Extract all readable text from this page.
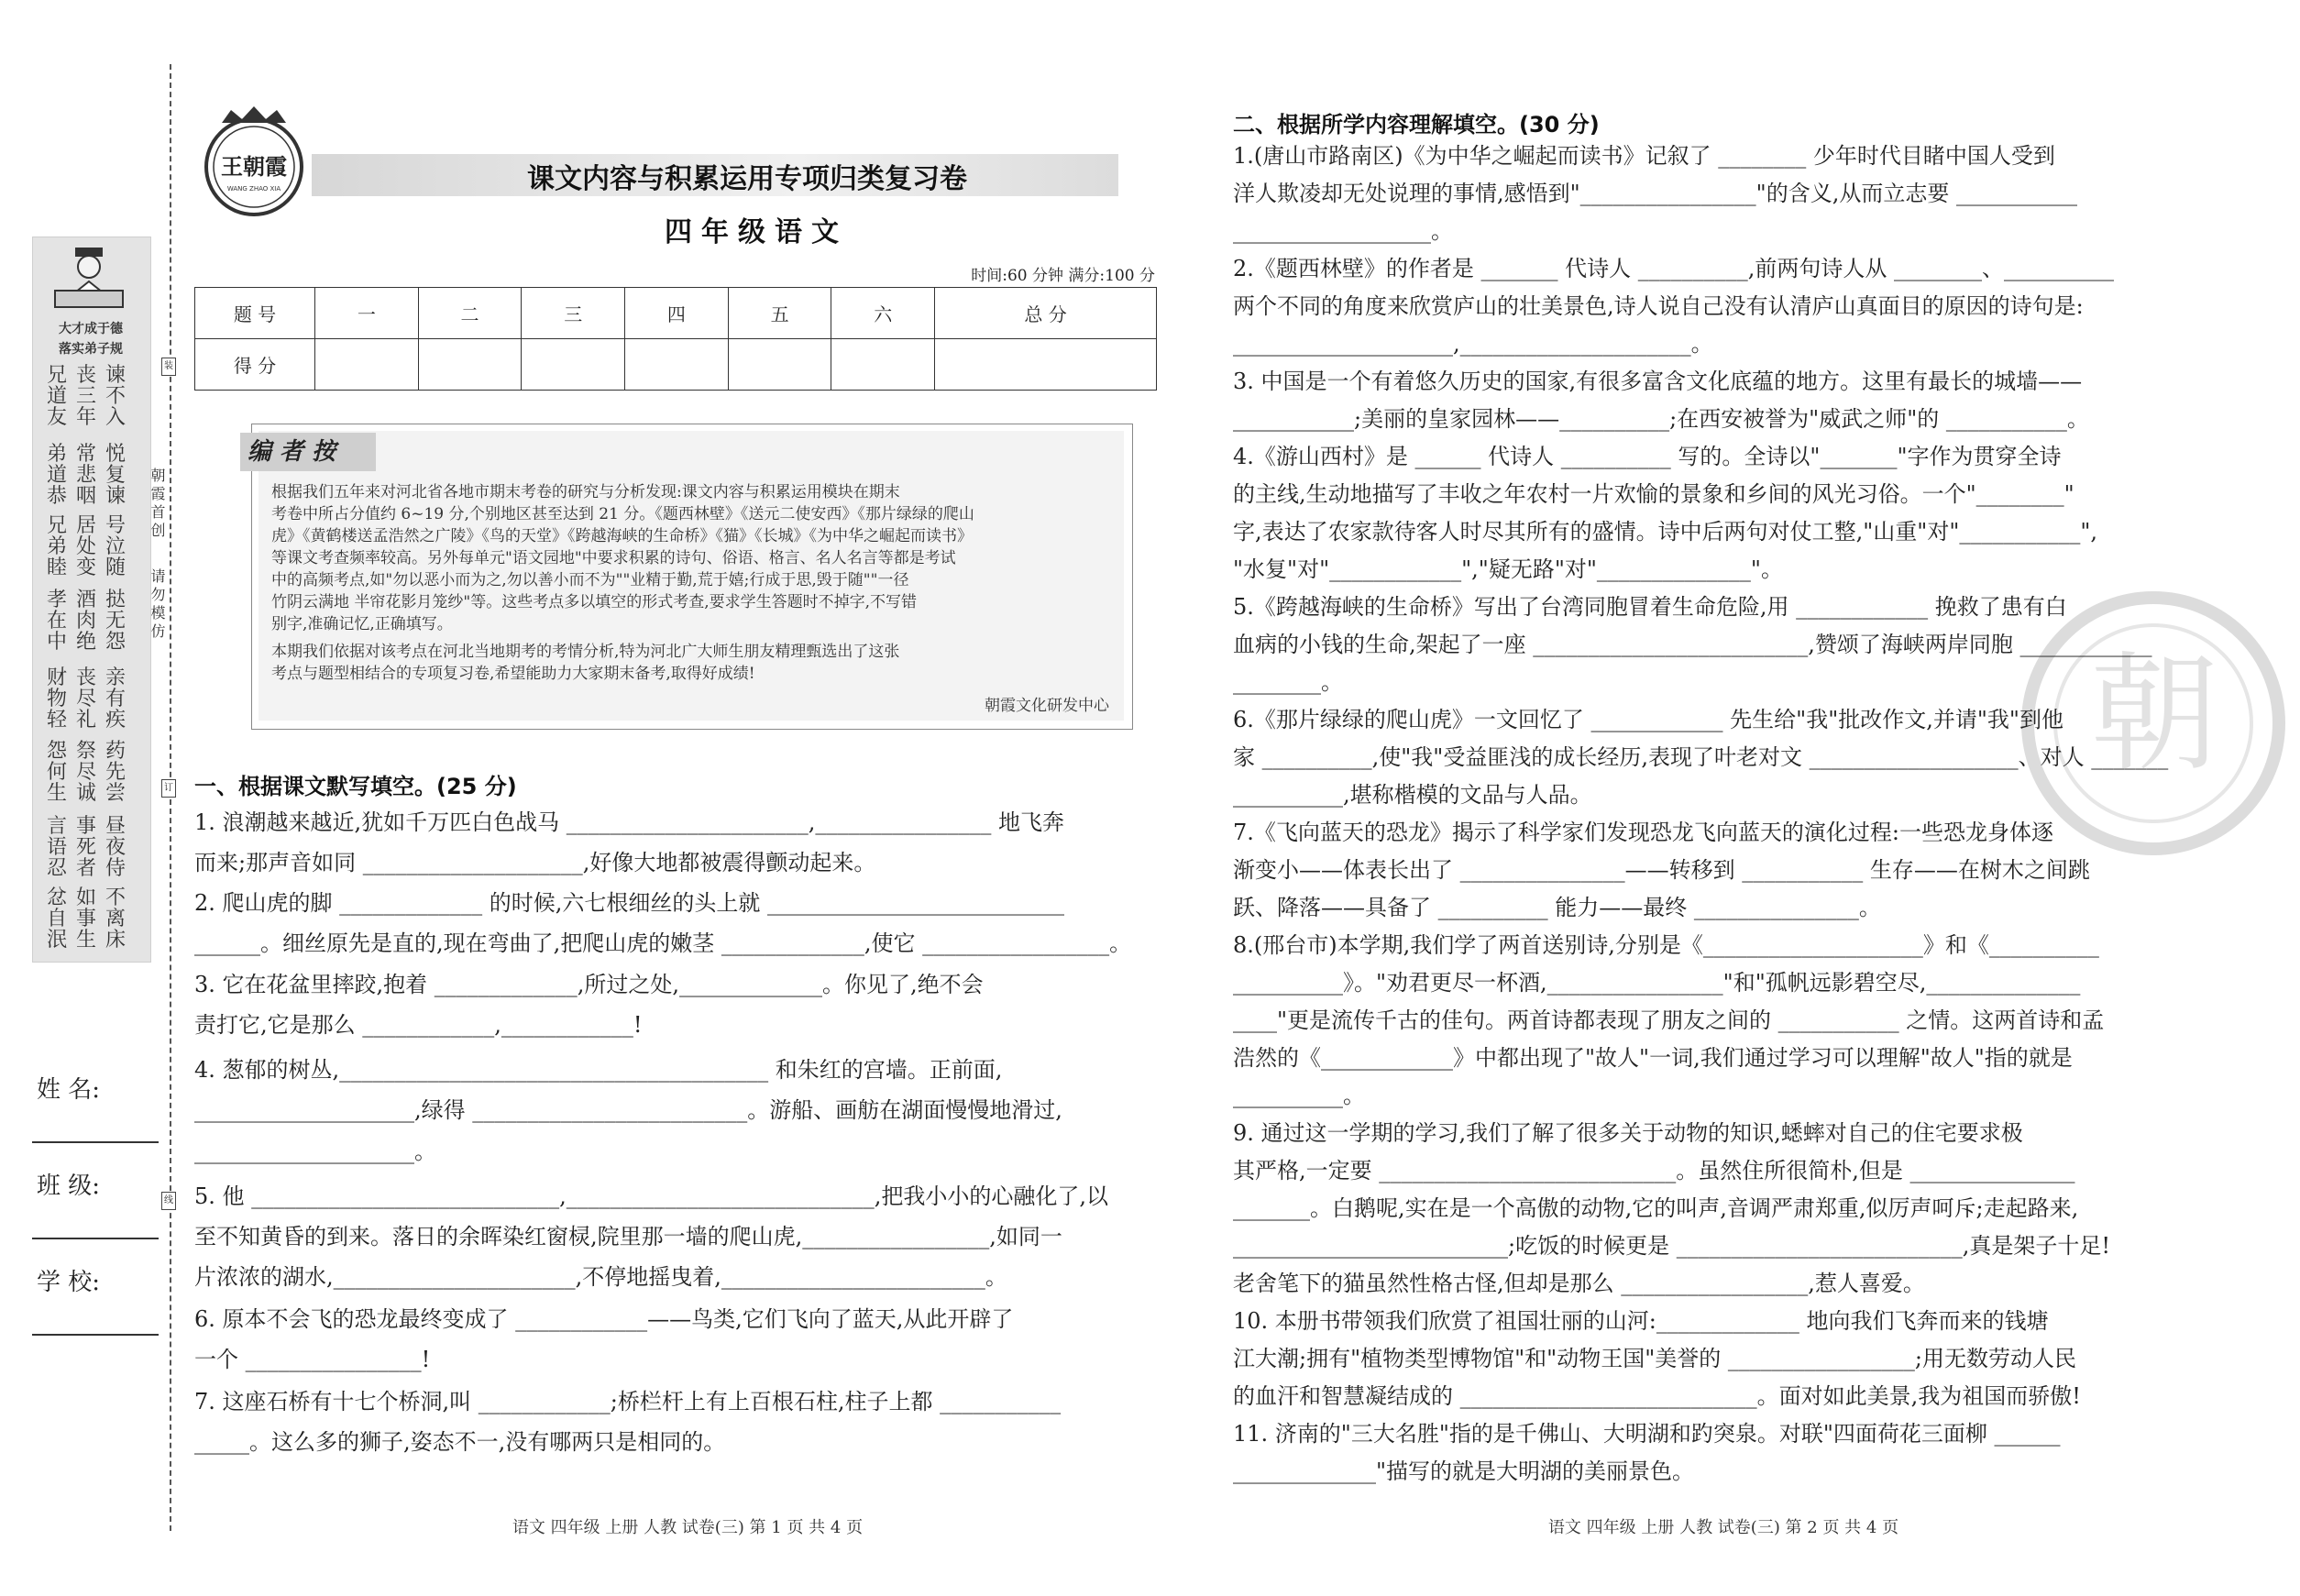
大才成于德
落实弟子规
兄丧谏
道三不
友年入
弟常悦
道悲复
恭咽谏
兄居号
弟处泣
睦变随
孝酒挞
在肉无
中绝怨
财丧亲
物尽有
轻礼疾
怨祭药
何尽先
生诚尝
言事昼
语死夜
忍者侍
忿如不
自事离
泯生床
朝霞首创
请勿模仿
装
订
线
姓 名:
班 级:
学 校:
王朝霞
WANG ZHAO XIA	课文内容与积累运用专项归类复习卷
四年级语文
时间:60 分钟 满分:100 分
题 号	一	二	三	四	五	六	总 分
得 分							
编 者 按
根据我们五年来对河北省各地市期末考卷的研究与分析发现:课文内容与积累运用模块在期末
考卷中所占分值约 6~19 分,个别地区甚至达到 21 分。《题西林壁》《送元二使安西》《那片绿绿的爬山
虎》《黄鹤楼送孟浩然之广陵》《鸟的天堂》《跨越海峡的生命桥》《猫》《长城》《为中华之崛起而读书》
等课文考查频率较高。另外每单元"语文园地"中要求积累的诗句、俗语、格言、名人名言等都是考试
中的高频考点,如"勿以恶小而为之,勿以善小而不为""业精于勤,荒于嬉;行成于思,毁于随""一径
竹阴云满地 半帘花影月笼纱"等。这些考点多以填空的形式考查,要求学生答题时不掉字,不写错
别字,准确记忆,正确填写。
本期我们依据对该考点在河北当地期考的考情分析,特为河北广大师生朋友精理甄选出了这张
考点与题型相结合的专项复习卷,希望能助力大家期末备考,取得好成绩!
朝霞文化研发中心
一、根据课文默写填空。(25 分)
1. 浪潮越来越近,犹如千万匹白色战马 ______________________,________________ 地飞奔
而来;那声音如同 ____________________,好像大地都被震得颤动起来。
2. 爬山虎的脚 _____________ 的时候,六七根细丝的头上就 ___________________________
______。细丝原先是直的,现在弯曲了,把爬山虎的嫩茎 _____________,使它 _________________。
3. 它在花盆里摔跤,抱着 _____________,所过之处,_____________。你见了,绝不会
责打它,它是那么 ____________,____________!
4. 葱郁的树丛,_______________________________________ 和朱红的宫墙。正前面,
____________________,绿得 _________________________。游船、画舫在湖面慢慢地滑过,
____________________。
5. 他 ____________________________,____________________________,把我小小的心融化了,以
至不知黄昏的到来。落日的余晖染红窗棂,院里那一墙的爬山虎,_________________,如同一
片浓浓的湖水,______________________,不停地摇曳着,________________________。
6. 原本不会飞的恐龙最终变成了 ____________——鸟类,它们飞向了蓝天,从此开辟了
一个 ________________!
7. 这座石桥有十七个桥洞,叫 ____________;桥栏杆上有上百根石柱,柱子上都 ___________
_____。这么多的狮子,姿态不一,没有哪两只是相同的。
朝
二、根据所学内容理解填空。(30 分)
1.(唐山市路南区)《为中华之崛起而读书》记叙了 ________ 少年时代目睹中国人受到
洋人欺凌却无处说理的事情,感悟到"________________"的含义,从而立志要 ___________
__________________。
2.《题西林壁》的作者是 _______ 代诗人 __________,前两句诗人从 ________、__________
两个不同的角度来欣赏庐山的壮美景色,诗人说自己没有认清庐山真面目的原因的诗句是:
____________________,_____________________。
3. 中国是一个有着悠久历史的国家,有很多富含文化底蕴的地方。这里有最长的城墙——
___________;美丽的皇家园林——__________;在西安被誉为"威武之师"的 ___________。
4.《游山西村》是 ______ 代诗人 __________ 写的。全诗以"_______"字作为贯穿全诗
的主线,生动地描写了丰收之年农村一片欢愉的景象和乡间的风光习俗。一个"________"
字,表达了农家款待客人时尽其所有的盛情。诗中后两句对仗工整,"山重"对"___________",
"水复"对"____________","疑无路"对"______________"。
5.《跨越海峡的生命桥》写出了台湾同胞冒着生命危险,用 ____________ 挽救了患有白
血病的小钱的生命,架起了一座 _________________________,赞颂了海峡两岸同胞 ____________
________。
6.《那片绿绿的爬山虎》一文回忆了 ____________ 先生给"我"批改作文,并请"我"到他
家 __________,使"我"受益匪浅的成长经历,表现了叶老对文 ___________________、对人 _______
__________,堪称楷模的文品与人品。
7.《飞向蓝天的恐龙》揭示了科学家们发现恐龙飞向蓝天的演化过程:一些恐龙身体逐
渐变小——体表长出了 _______________——转移到 ___________ 生存——在树木之间跳
跃、降落——具备了 __________ 能力——最终 _______________。
8.(邢台市)本学期,我们学了两首送别诗,分别是《____________________》和《__________
__________》。"劝君更尽一杯酒,________________"和"孤帆远影碧空尽,______________
____"更是流传千古的佳句。两首诗都表现了朋友之间的 ___________ 之情。这两首诗和孟
浩然的《____________》中都出现了"故人"一词,我们通过学习可以理解"故人"指的就是
__________。
9. 通过这一学期的学习,我们了解了很多关于动物的知识,蟋蟀对自己的住宅要求极
其严格,一定要 ___________________________。虽然住所很简朴,但是 _______________
_______。白鹅呢,实在是一个高傲的动物,它的叫声,音调严肃郑重,似厉声呵斥;走起路来,
_________________________;吃饭的时候更是 __________________________,真是架子十足!
老舍笔下的猫虽然性格古怪,但却是那么 _________________,惹人喜爱。
10. 本册书带领我们欣赏了祖国壮丽的山河:_____________ 地向我们飞奔而来的钱塘
江大潮;拥有"植物类型博物馆"和"动物王国"美誉的 _________________;用无数劳动人民
的血汗和智慧凝结成的 ___________________________。面对如此美景,我为祖国而骄傲!
11. 济南的"三大名胜"指的是千佛山、大明湖和趵突泉。对联"四面荷花三面柳 ______
_____________"描写的就是大明湖的美丽景色。
语文 四年级 上册 人教 试卷(三) 第 1 页 共 4 页	语文 四年级 上册 人教 试卷(三) 第 2 页 共 4 页
